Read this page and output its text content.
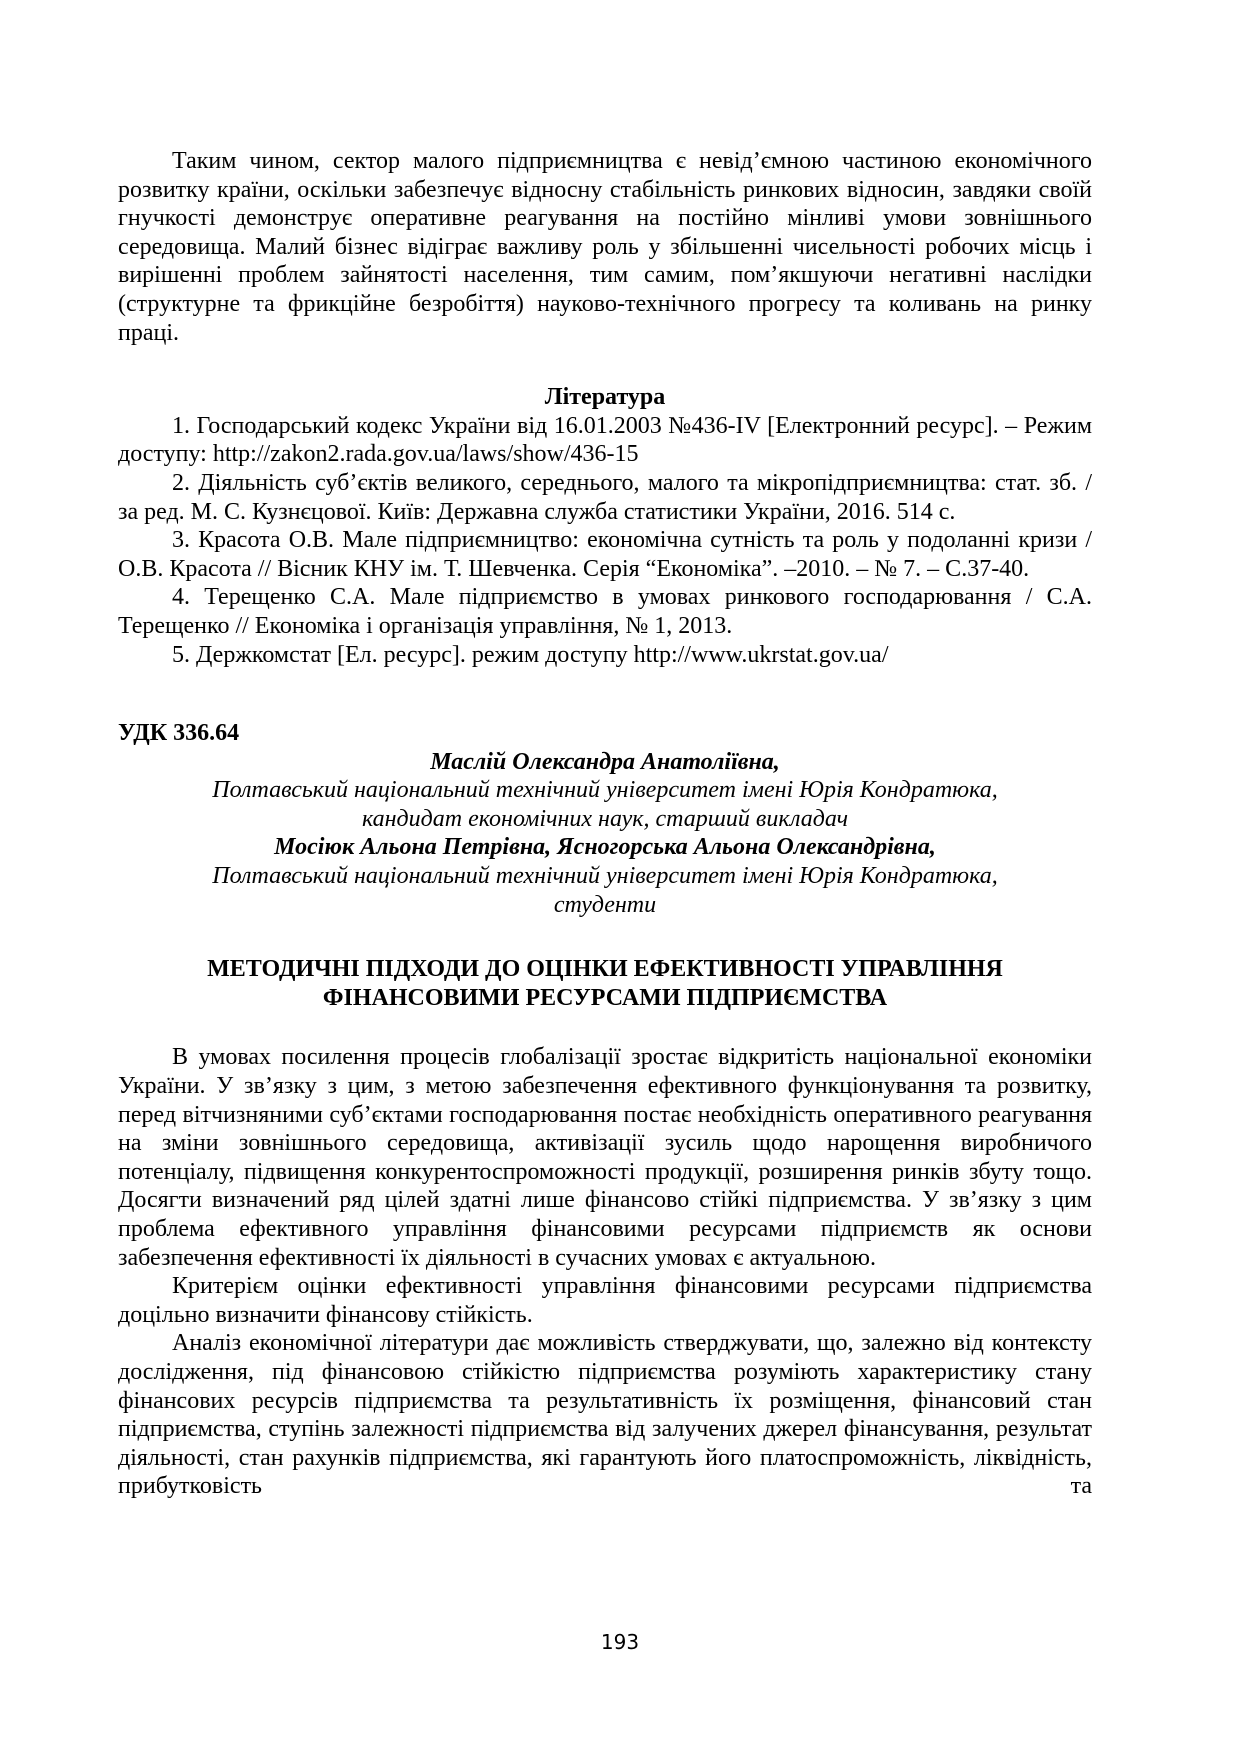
Таким чином, сектор малого підприємництва є невід’ємною частиною економічного розвитку країни, оскільки забезпечує відносну стабільність ринкових відносин, завдяки своїй гнучкості демонструє оперативне реагування на постійно мінливі умови зовнішнього середовища. Малий бізнес відіграє важливу роль у збільшенні чисельності робочих місць і вирішенні проблем зайнятості населення, тим самим, пом’якшуючи негативні наслідки (структурне та фрикційне безробіття) науково-технічного прогресу та коливань на ринку праці.

Література

1. Господарський кодекс України від 16.01.2003 №436-IV [Електронний ресурс]. – Режим доступу: http://zakon2.rada.gov.ua/laws/show/436-15

2. Діяльність суб’єктів великого, середнього, малого та мікропідприємництва: стат. зб. / за ред. М. С. Кузнєцової. Київ: Державна служба статистики України, 2016. 514 с.

3. Красота О.В. Мале підприємництво: економічна сутність та роль у подоланні кризи / О.В. Красота // Вісник КНУ ім. Т. Шевченка. Серія “Економіка”. –2010. – № 7. – С.37-40.

4. Терещенко С.А. Мале підприємство в умовах ринкового господарювання / С.А. Терещенко // Економіка і організація управління, № 1, 2013.

5. Держкомстат [Ел. ресурс]. режим доступу http://www.ukrstat.gov.ua/

УДК 336.64

Маслій Олександра Анатоліївна,

Полтавський національний технічний університет імені Юрія Кондратюка,

кандидат економічних наук, старший викладач

Мосіюк Альона Петрівна, Ясногорська Альона Олександрівна,

Полтавський національний технічний університет імені Юрія Кондратюка,

студенти

МЕТОДИЧНІ ПІДХОДИ ДО ОЦІНКИ ЕФЕКТИВНОСТІ УПРАВЛІННЯ ФІНАНСОВИМИ РЕСУРСАМИ ПІДПРИЄМСТВА

В умовах посилення процесів глобалізації зростає відкритість національної економіки України. У зв’язку з цим, з метою забезпечення ефективного функціонування та розвитку, перед вітчизняними суб’єктами господарювання постає необхідність оперативного реагування на зміни зовнішнього середовища, активізації зусиль щодо нарощення виробничого потенціалу, підвищення конкурентоспроможності продукції, розширення ринків збуту тощо. Досягти визначений ряд цілей здатні лише фінансово стійкі підприємства. У зв’язку з цим проблема ефективного управління фінансовими ресурсами підприємств як основи забезпечення ефективності їх діяльності в сучасних умовах є актуальною.

Критерієм оцінки ефективності управління фінансовими ресурсами підприємства доцільно визначити фінансову стійкість.

Аналіз економічної літератури дає можливість стверджувати, що, залежно від контексту дослідження, під фінансовою стійкістю підприємства розуміють характеристику стану фінансових ресурсів підприємства та результативність їх розміщення, фінансовий стан підприємства, ступінь залежності підприємства від залучених джерел фінансування, результат діяльності, стан рахунків підприємства, які гарантують його платоспроможність, ліквідність, прибутковість та

193
